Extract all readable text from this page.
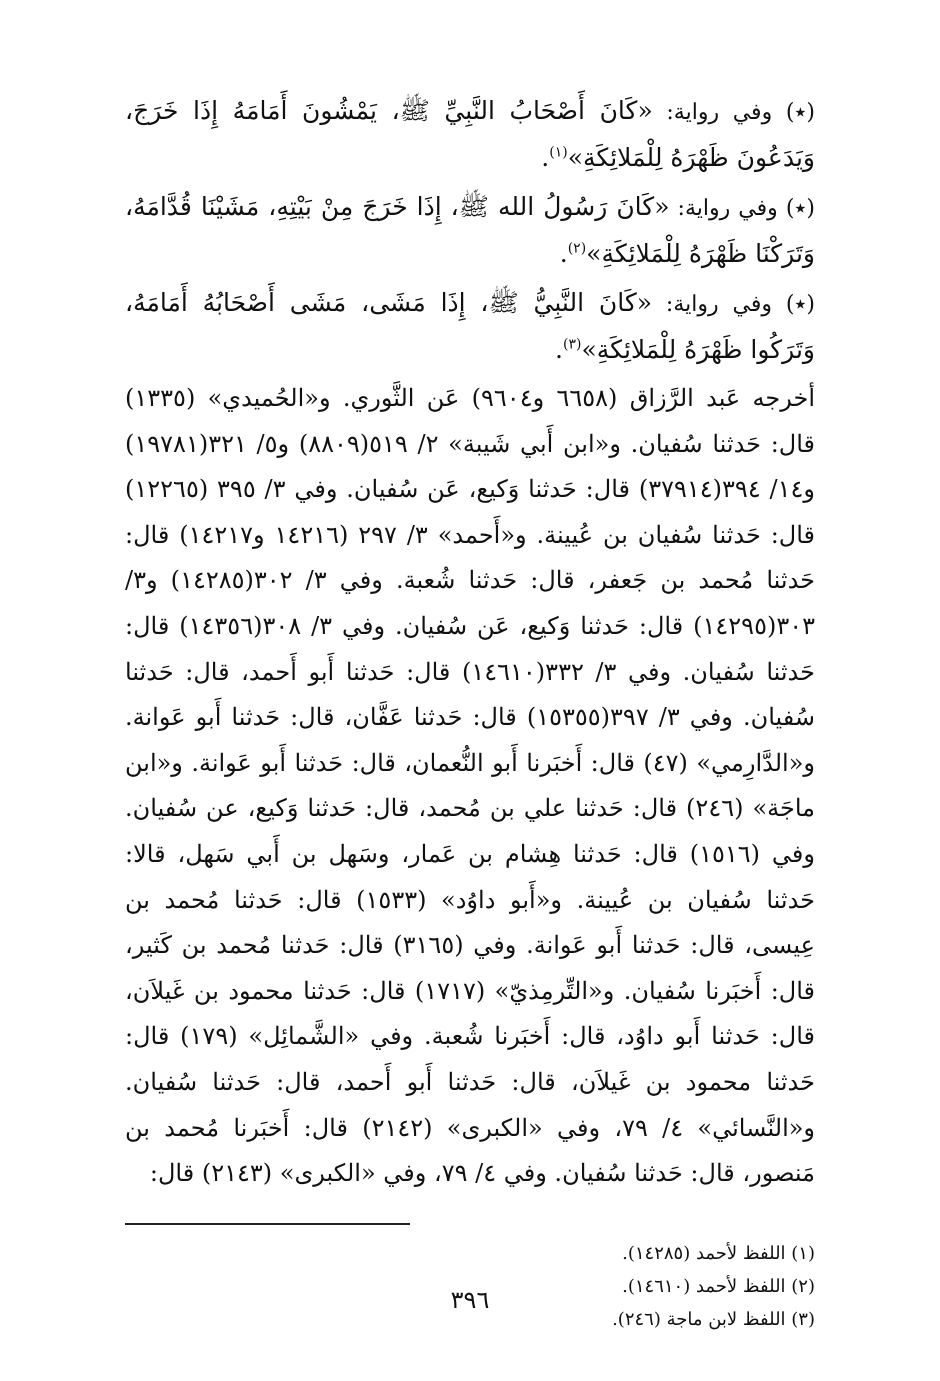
(٭) وفي رواية: «كَانَ أَصْحَابُ النَّبِيِّ ﷺ، يَمْشُونَ أَمَامَهُ إِذَا خَرَجَ، وَيَدَعُونَ ظَهْرَهُ لِلْمَلائِكَةِ»$^{(١)}$.

(٭) وفي رواية: «كَانَ رَسُولُ الله ﷺ، إِذَا خَرَجَ مِنْ بَيْتِهِ، مَشَيْنَا قُدَّامَهُ، وَتَرَكْنَا ظَهْرَهُ لِلْمَلائِكَةِ»$^{(٢)}$.

(٭) وفي رواية: «كَانَ النَّبِيُّ ﷺ، إِذَا مَشَى، مَشَى أَصْحَابُهُ أَمَامَهُ، وَتَرَكُوا ظَهْرَهُ لِلْمَلائِكَةِ»$^{(٣)}$.

أخرجه عَبد الرَّزاق (٦٦٥٨ و٩٦٠٤) عَن الثَّوري. و«الحُميدي» (١٣٣٥) قال: حَدثنا سُفيان. و«ابن أَبي شَيبة» ٢/ ٥١٩(٨٨٠٩) و٥/ ٣٢١(١٩٧٨١) و١٤/ ٣٩٤(٣٧٩١٤) قال: حَدثنا وَكيع، عَن سُفيان. وفي ٣/ ٣٩٥ (١٢٢٦٥) قال: حَدثنا سُفيان بن عُيينة. و«أَحمد» ٣/ ٢٩٧ (١٤٢١٦ و١٤٢١٧) قال: حَدثنا مُحمد بن جَعفر، قال: حَدثنا شُعبة. وفي ٣/ ٣٠٢(١٤٢٨٥) و٣/ ٣٠٣(١٤٢٩٥) قال: حَدثنا وَكيع، عَن سُفيان. وفي ٣/ ٣٠٨(١٤٣٥٦) قال: حَدثنا سُفيان. وفي ٣/ ٣٣٢(١٤٦١٠) قال: حَدثنا أَبو أَحمد، قال: حَدثنا سُفيان. وفي ٣/ ٣٩٧(١٥٣٥٥) قال: حَدثنا عَفَّان، قال: حَدثنا أَبو عَوانة. و«الدَّارِمي» (٤٧) قال: أَخبَرنا أَبو النُّعمان، قال: حَدثنا أَبو عَوانة. و«ابن ماجَة» (٢٤٦) قال: حَدثنا علي بن مُحمد، قال: حَدثنا وَكيع، عن سُفيان. وفي (١٥١٦) قال: حَدثنا هِشام بن عَمار، وسَهل بن أَبي سَهل، قالا: حَدثنا سُفيان بن عُيينة. و«أَبو داوُد» (١٥٣٣) قال: حَدثنا مُحمد بن عِيسى، قال: حَدثنا أَبو عَوانة. وفي (٣١٦٥) قال: حَدثنا مُحمد بن كَثير، قال: أَخبَرنا سُفيان. و«التِّرمِذيّ» (١٧١٧) قال: حَدثنا محمود بن غَيلاَن، قال: حَدثنا أَبو داوُد، قال: أَخبَرنا شُعبة. وفي «الشَّمائِل» (١٧٩) قال: حَدثنا محمود بن غَيلاَن، قال: حَدثنا أَبو أَحمد، قال: حَدثنا سُفيان. و«النَّسائي» ٤/ ٧٩، وفي «الكبرى» (٢١٤٢) قال: أَخبَرنا مُحمد بن مَنصور، قال: حَدثنا سُفيان. وفي ٤/ ٧٩، وفي «الكبرى» (٢١٤٣) قال:

(١) اللفظ لأحمد (١٤٢٨٥).

(٢) اللفظ لأحمد (١٤٦١٠).

(٣) اللفظ لابن ماجة (٢٤٦).

٣٩٦
